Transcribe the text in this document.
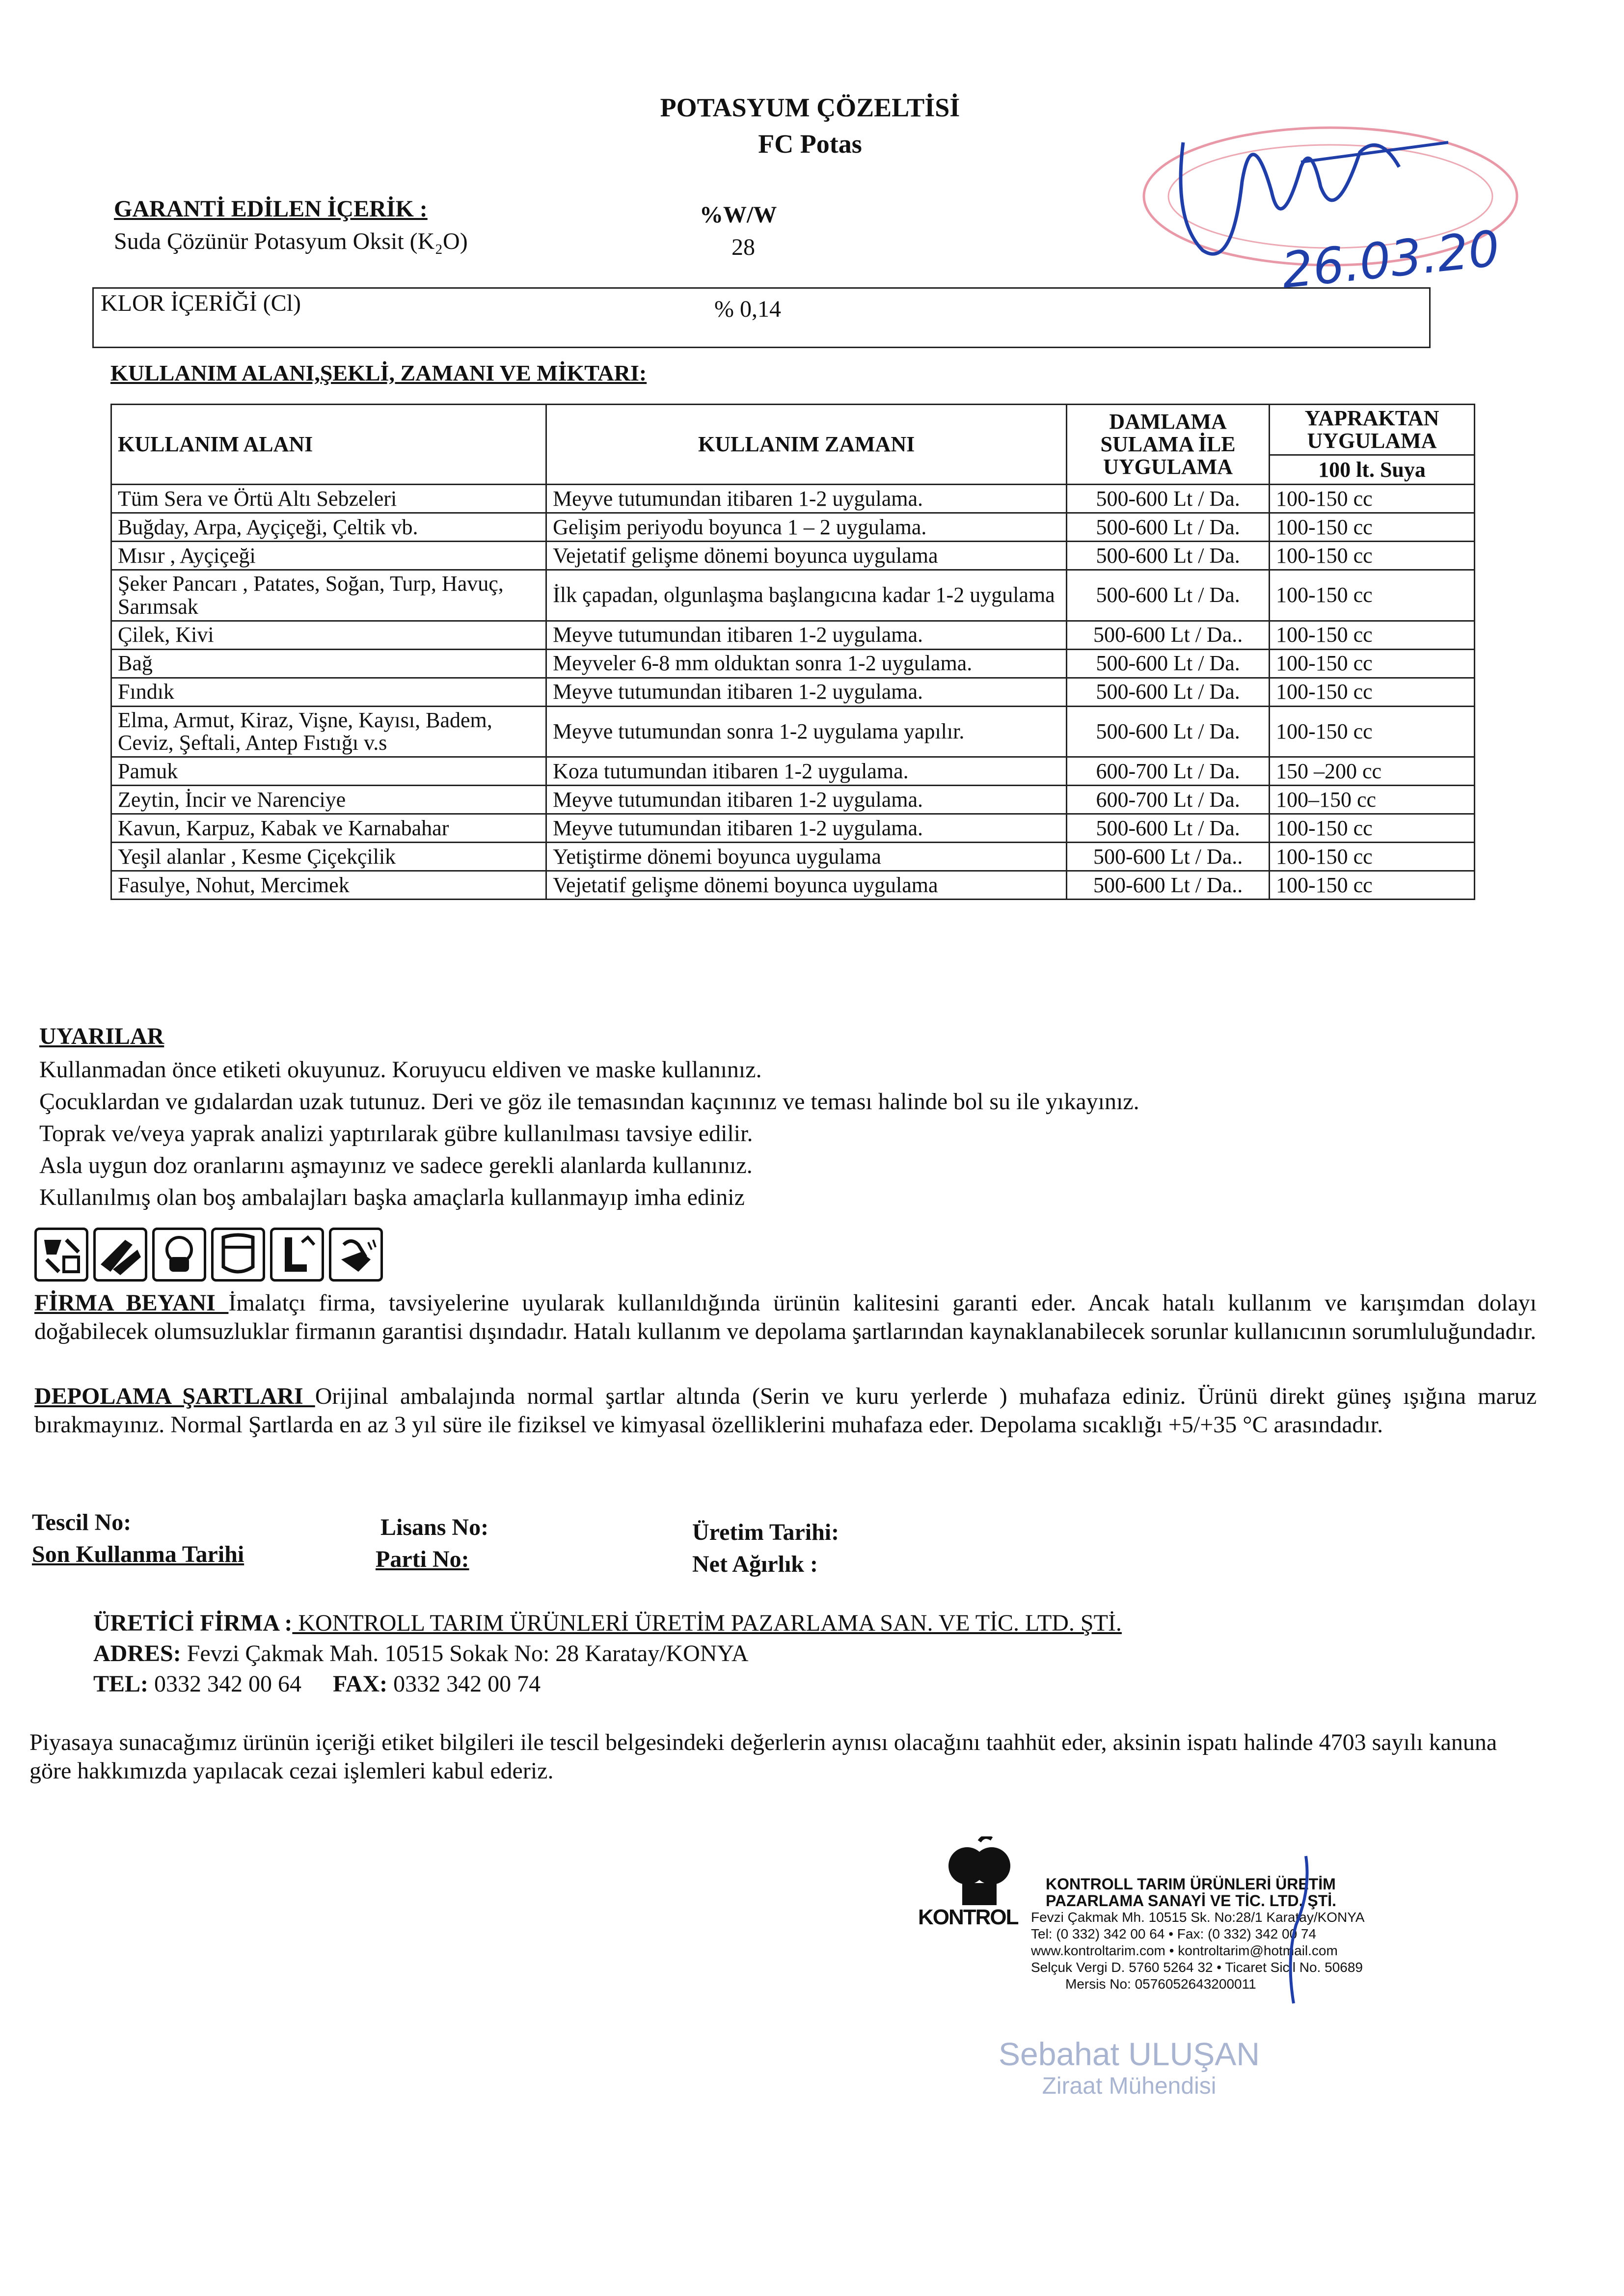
POTASYUM ÇÖZELTİSİ
FC Potas
GARANTİ EDİLEN İÇERİK :	%W/W
Suda Çözünür Potasyum Oksit (K₂O)	28
KLOR İÇERİĞİ (Cl)	% 0,14
KULLANIM ALANI,ŞEKLİ, ZAMANI VE MİKTARI:
KULLANIM ALANI	KULLANIM ZAMANI	DAMLAMA SULAMA İLE UYGULAMA	YAPRAKTAN UYGULAMA
			100 lt. Suya
Tüm Sera ve Örtü Altı Sebzeleri	Meyve tutumundan itibaren 1-2 uygulama.	500-600 Lt / Da.	100-150 cc
Buğday, Arpa, Ayçiçeği, Çeltik vb.	Gelişim periyodu boyunca 1 – 2 uygulama.	500-600 Lt / Da.	100-150 cc
Mısır , Ayçiçeği	Vejetatif gelişme dönemi boyunca uygulama	500-600 Lt / Da.	100-150 cc
Şeker Pancarı , Patates, Soğan, Turp, Havuç, Sarımsak	İlk çapadan, olgunlaşma başlangıcına kadar 1-2 uygulama	500-600 Lt / Da.	100-150 cc
Çilek, Kivi	Meyve tutumundan itibaren 1-2 uygulama.	500-600 Lt / Da..	100-150 cc
Bağ	Meyveler 6-8 mm olduktan sonra 1-2 uygulama.	500-600 Lt / Da.	100-150 cc
Fındık	Meyve tutumundan itibaren 1-2 uygulama.	500-600 Lt / Da.	100-150 cc
Elma, Armut, Kiraz, Vişne, Kayısı, Badem, Ceviz, Şeftali, Antep Fıstığı v.s	Meyve tutumundan sonra 1-2 uygulama yapılır.	500-600 Lt / Da.	100-150 cc
Pamuk	Koza tutumundan itibaren 1-2 uygulama.	600-700 Lt / Da.	150 –200 cc
Zeytin, İncir ve Narenciye	Meyve tutumundan itibaren 1-2 uygulama.	600-700 Lt / Da.	100–150 cc
Kavun, Karpuz, Kabak ve Karnabahar	Meyve tutumundan itibaren 1-2 uygulama.	500-600 Lt / Da.	100-150 cc
Yeşil alanlar , Kesme Çiçekçilik	Yetiştirme dönemi boyunca uygulama	500-600 Lt / Da..	100-150 cc
Fasulye, Nohut, Mercimek	Vejetatif gelişme dönemi boyunca uygulama	500-600 Lt / Da..	100-150 cc
UYARILAR
Kullanmadan önce etiketi okuyunuz. Koruyucu eldiven ve maske kullanınız.
Çocuklardan ve gıdalardan uzak tutunuz. Deri ve göz ile temasından kaçınınız ve teması halinde bol su ile yıkayınız.
Toprak ve/veya yaprak analizi yaptırılarak gübre kullanılması tavsiye edilir.
Asla uygun doz oranlarını aşmayınız ve sadece gerekli alanlarda kullanınız.
Kullanılmış olan boş ambalajları başka amaçlarla kullanmayıp imha ediniz
FİRMA BEYANI İmalatçı firma, tavsiyelerine uyularak kullanıldığında ürünün kalitesini garanti eder. Ancak hatalı kullanım ve karışımdan dolayı doğabilecek olumsuzluklar firmanın garantisi dışındadır. Hatalı kullanım ve depolama şartlarından kaynaklanabilecek sorunlar kullanıcının sorumluluğundadır.
DEPOLAMA ŞARTLARI Orijinal ambalajında normal şartlar altında (Serin ve kuru yerlerde ) muhafaza ediniz. Ürünü direkt güneş ışığına maruz bırakmayınız. Normal Şartlarda en az 3 yıl süre ile fiziksel ve kimyasal özelliklerini muhafaza eder. Depolama sıcaklığı +5/+35 °C arasındadır.
Tescil No:
Son Kullanma Tarihi
Lisans No:
Parti No:
Üretim Tarihi:
Net Ağırlık :
ÜRETİCİ FİRMA : KONTROLL TARIM ÜRÜNLERİ ÜRETİM PAZARLAMA SAN. VE TİC. LTD. ŞTİ.
ADRES: Fevzi Çakmak Mah. 10515 Sokak No: 28 Karatay/KONYA
TEL: 0332 342 00 64 FAX: 0332 342 00 74
Piyasaya sunacağımız ürünün içeriği etiket bilgileri ile tescil belgesindeki değerlerin aynısı olacağını taahhüt eder, aksinin ispatı halinde 4703 sayılı kanuna göre hakkımızda yapılacak cezai işlemleri kabul ederiz.
KONTROL
KONTROLL TARIM ÜRÜNLERİ ÜRETİM
PAZARLAMA SANAYİ VE TİC. LTD. ŞTİ.
Fevzi Çakmak Mh. 10515 Sk. No:28/1 Karatay/KONYA
Tel: (0 332) 342 00 64 • Fax: (0 332) 342 00 74
www.kontroltarim.com • kontroltarim@hotmail.com
Selçuk Vergi D. 5760 5264 32 • Ticaret Sicil No. 50689
Mersis No: 0576052643200011
Sebahat ULUŞAN
Ziraat Mühendisi
26.03.20
